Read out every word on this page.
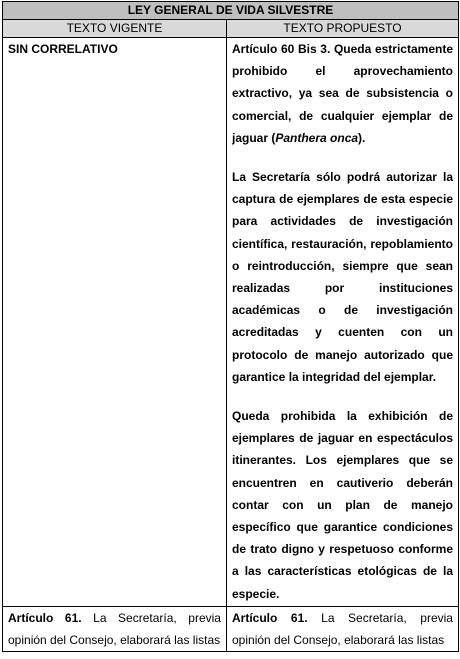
LEY GENERAL DE VIDA SILVESTRE	
TEXTO VIGENTE	TEXTO PROPUESTO
SIN CORRELATIVO	Artículo 60 Bis 3. Queda estrictamente prohibido el aprovechamiento extractivo, ya sea de subsistencia o comercial, de cualquier ejemplar de jaguar (Panthera onca).

La Secretaría sólo podrá autorizar la captura de ejemplares de esta especie para actividades de investigación científica, restauración, repoblamiento o reintroducción, siempre que sean realizadas por instituciones académicas o de investigación acreditadas y cuenten con un protocolo de manejo autorizado que garantice la integridad del ejemplar.

Queda prohibida la exhibición de ejemplares de jaguar en espectáculos itinerantes. Los ejemplares que se encuentren en cautiverio deberán contar con un plan de manejo específico que garantice condiciones de trato digno y respetuoso conforme a las características etológicas de la especie.

Artículo 61. La Secretaría, previa opinión del Consejo, elaborará las listas	Artículo 61. La Secretaría, previa opinión del Consejo, elaborará las listas
